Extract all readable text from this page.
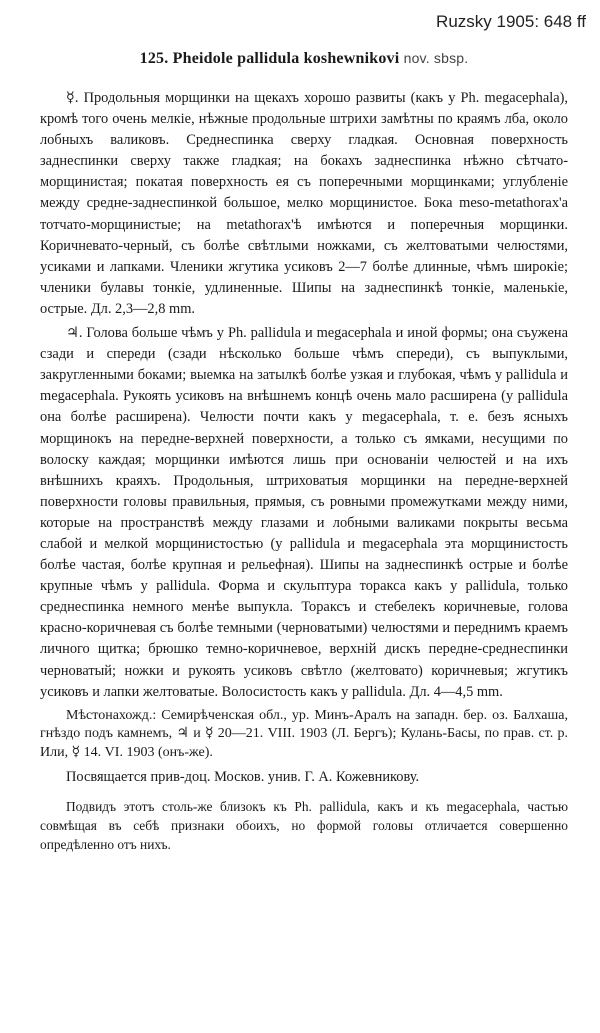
Ruzsky 1905: 648 ff
125. Pheidole pallidula koshewnikovi nov. sbsp.

☿. Продольныя морщинки на щекахъ хорошо развиты (какъ у Ph. megacephala), кромѣ того очень мелкіе, нѣжные продольные штрихи замѣтны по краямъ лба, около лобныхъ валиковъ. Среднеспинка сверху гладкая. Основная поверхность заднеспинки сверху также гладкая; на бокахъ заднеспинка нѣжно сѣтчато-морщинистая; покатая поверхность ея съ поперечными морщинками; углубленіе между средне-заднеспинкой большое, мелко морщинистое. Бока meso-metathorax'a тотчато-морщинистые; на metathorax'ѣ имѣются и поперечныя морщинки. Коричневато-черный, съ болѣе свѣтлыми ножками, съ желтоватыми челюстями, усиками и лапками. Членики жгутика усиковъ 2—7 болѣе длинные, чѣмъ широкіе; членики булавы тонкіе, удлиненные. Шипы на заднеспинкѣ тонкіе, маленькіе, острые. Дл. 2,3—2,8 mm.

♃. Голова больше чѣмъ у Ph. pallidula и megacephala и иной формы; она съужена сзади и спереди (сзади нѣсколько больше чѣмъ спереди), съ выпуклыми, закругленными боками; выемка на затылкѣ болѣе узкая и глубокая, чѣмъ у pallidula и megacephala. Рукоять усиковъ на внѣшнемъ концѣ очень мало расширена (у pallidula она болѣе расширена). Челюсти почти какъ у megacephala, т. е. безъ ясныхъ морщинокъ на передне-верхней поверхности, а только съ ямками, несущими по волоску каждая; морщинки имѣются лишь при основаніи челюстей и на ихъ внѣшнихъ краяхъ. Продольныя, штриховатыя морщинки на передне-верхней поверхности головы правильныя, прямыя, съ ровными промежутками между ними, которые на пространствѣ между глазами и лобными валиками покрыты весьма слабой и мелкой морщинистостью (у pallidula и megacephala эта морщинистость болѣе частая, болѣе крупная и рельефная). Шипы на заднеспинкѣ острые и болѣе крупные чѣмъ у pallidula. Форма и скульптура торакса какъ у pallidula, только среднеспинка немного менѣе выпукла. Тораксъ и стебелекъ коричневые, голова красно-коричневая съ болѣе темными (черноватыми) челюстями и переднимъ краемъ личного щитка; брюшко темно-коричневое, верхній дискъ передне-среднеспинки черноватый; ножки и рукоять усиковъ свѣтло (желтовато) коричневыя; жгутикъ усиковъ и лапки желтоватые. Волосистость какъ у pallidula. Дл. 4—4,5 mm.

Мѣстонахожд.: Семирѣченская обл., ур. Минъ-Аралъ на западн. бер. оз. Балхаша, гнѣздо подъ камнемъ, ♃ и ☿ 20—21. VIII. 1903 (Л. Бергъ); Кулань-Басы, по прав. ст. р. Или, ☿ 14. VI. 1903 (онъ-же).

Посвящается прив-доц. Москов. унив. Г. А. Кожевникову.

Подвидъ этотъ столь-же близокъ къ Ph. pallidula, какъ и къ megacephala, частью совмѣщая въ себѣ признаки обоихъ, но формой головы отличается совершенно опредѣленно отъ нихъ.
